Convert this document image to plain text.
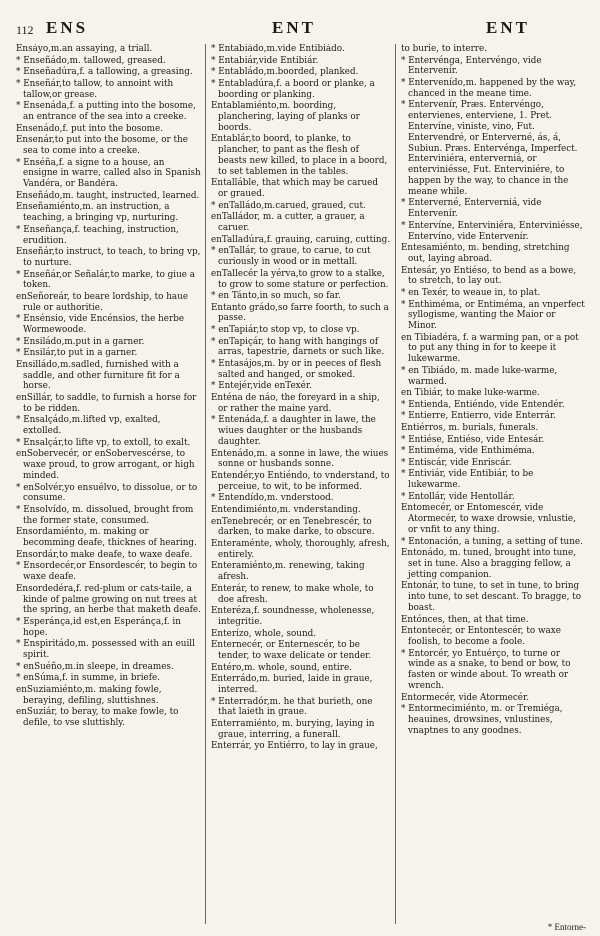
112 ENS	ENT	ENT
Ensáyo,m.an assaying, a triall.
* Enseñádo,m. tallowed, greased.
* Enseñadúra,f. a tallowing, a greasing.
* Enseñár,to tallow, to annoint with tallow,or grease.
* Ensenáda,f. a putting into the bosome, an entrance of the sea into a creeke.
Ensenádo,f. put into the bosome.
Ensenár,to put into the bosome, or the sea to come into a creeke.
* Enséña,f. a signe to a house, an ensigne in warre, called also in Spanish Vandéra, or Bandéra.
Enseñádo,m. taught, instructed, learned.
Enseñamiénto,m. an instruction, a teaching, a bringing vp, nurturing.
* Enseñança,f. teaching, instruction, erudition.
Enseñár,to instruct, to teach, to bring vp, to nurture.
* Enseñár,or Señalár,to marke, to giue a token.
enSeñoreár, to beare lordship, to haue rule or authoritie.
* Ensénsio, vide Encénsios, the herbe Wormewoode.
* Ensiládo,m.put in a garner.
* Ensilár,to put in a garner.
Ensilládo,m.sadled, furnished with a saddle, and other furniture fit for a horse.
enSillár, to saddle, to furnish a horse for to be ridden.
* Ensalçádo,m.lifted vp, exalted, extolled.
* Ensalçár,to lifte vp, to extoll, to exalt.
enSobervecér, or enSobervescérse, to waxe proud, to grow arrogant, or high minded.
* enSolvér,yo ensuélvo, to dissolue, or to consume.
* Ensolvído, m. dissolued, brought from the former state, consumed.
Ensordamiénto, m. making or becomming deafe, thicknes of hearing.
Ensordár,to make deafe, to waxe deafe.
* Ensordecér,or Ensordescér, to begin to waxe deafe.
Ensordedéra,f. red-plum or cats-taile, a kinde of palme growing on nut trees at the spring, an herbe that maketh deafe.
* Esperánça,id est,en Esperánça,f. in hope.
* Enspiritádo,m. possessed with an euill spirit.
* enSuéño,m.in sleepe, in dreames.
* enSúma,f. in summe, in briefe.
enSuziamiénto,m. making fowle, beraying, defiling, sluttishnes.
enSuziár, to beray, to make fowle, to defile, to vse sluttishly.
* Entabiádo,m.vide Entibiádo.
* Entabiár,vide Entibiár.
* Entabládo,m.boorded, planked.
* Entabladúra,f. a boord or planke, a boording or planking.
Entablamiénto,m. boording, planchering, laying of planks or boords.
Entablár,to boord, to planke, to plancher, to pant as the flesh of beasts new killed, to place in a boord, to set tablemen in the tables.
Entalláble, that which may be carued or graued.
* enTalládo,m.carued, graued, cut.
enTalládor, m. a cutter, a grauer, a caruer.
enTalladúra,f. grauing, caruing, cutting.
* enTallár, to graue, to carue, to cut curiously in wood or in mettall.
enTallecér la yérva,to grow to a stalke, to grow to some stature or perfection.
* en Tánto,in so much, so far.
Entanto grádo,so farre foorth, to such a passe.
* enTapiár,to stop vp, to close vp.
* enTapiçár, to hang with hangings of arras, tapestrie, darnets or such like.
* Entasájos,m. by or in peeces of flesh salted and hanged, or smoked.
* Entejér,vide enTexér.
Enténa de náo, the foreyard in a ship, or rather the maine yard.
* Entenáda,f. a daughter in lawe, the wiues daughter or the husbands daughter.
Entenádo,m. a sonne in lawe, the wiues sonne or husbands sonne.
Entendér,yo Entiéndo, to vnderstand, to perceiue, to wit, to be informed.
* Entendído,m. vnderstood.
Entendimiénto,m. vnderstanding.
enTenebrecér, or en Tenebrescér, to darken, to make darke, to obscure.
Enteraménte, wholy, thoroughly, afresh, entirely.
Enteramiénto,m. renewing, taking afresh.
Enterár, to renew, to make whole, to doe afresh.
Enteréza,f. soundnesse, wholenesse, integritie.
Enterízo, whole, sound.
Enternecér, or Enternescér, to be tender, to waxe delicate or tender.
Entéro,m. whole, sound, entire.
Enterrádo,m. buried, laide in graue, interred.
* Enterradór,m. he that burieth, one that laieth in graue.
Enterramiénto, m. burying, laying in graue, interring, a funerall.
Enterrár, yo Entiérro, to lay in graue,
to burie, to interre.
* Entervénga, Entervéngo, vide Entervenír.
* Entervenído,m. happened by the way, chanced in the meane time.
* Entervenír, Præs. Entervéngo, entervienes, enterviene, 1. Pret. Entervíne, viniste, vino, Fut. Entervendré, or Enterverné, ás, á, Subiun. Præs. Entervénga, Imperfect. Enterviniéra, enterverniá, or enterviniésse, Fut. Enterviniére, to happen by the way, to chance in the meane while.
* Enterverné, Enterverniá, vide Entervenír.
* Entervíne, Enterviniéra, Enterviniésse, Entervíno, vide Entervenír.
Entesamiénto, m. bending, stretching out, laying abroad.
Entesár, yo Entiéso, to bend as a bowe, to stretch, to lay out.
* en Texér, to weaue in, to plat.
* Enthiméma, or Entiméma, an vnperfect syllogisme, wanting the Maior or Minor.
en Tibiadéra, f. a warming pan, or a pot to put any thing in for to keepe it lukewarme.
* en Tibiádo, m. made luke-warme, warmed.
en Tibiár, to make luke-warme.
* Entienda, Entiéndo, vide Entendér.
* Entierre, Entierro, vide Enterrár.
Entiérros, m. burials, funerals.
* Entiése, Entiéso, vide Entesár.
* Entiméma, vide Enthiméma.
* Entiscár, vide Enriscár.
* Entiviár, vide Entibiár, to be lukewarme.
* Entollár, vide Hentollár.
Entomecér, or Entomescér, vide Atormecér, to waxe drowsie, vnlustie, or vnfit to any thing.
* Entonación, a tuning, a setting of tune.
Entonádo, m. tuned, brought into tune, set in tune. Also a bragging fellow, a jetting companion.
Entonár, to tune, to set in tune, to bring into tune, to set descant. To bragge, to boast.
Entónces, then, at that time.
Entontecér, or Entontescér, to waxe foolish, to become a foole.
* Entorcér, yo Entuérço, to turne or winde as a snake, to bend or bow, to fasten or winde about. To wreath or wrench.
Entormecér, vide Atormecér.
* Entormecimiénto, m. or Tremiéga, heauines, drowsines, vnlustines, vnaptnes to any goodnes.
* Entorne-
